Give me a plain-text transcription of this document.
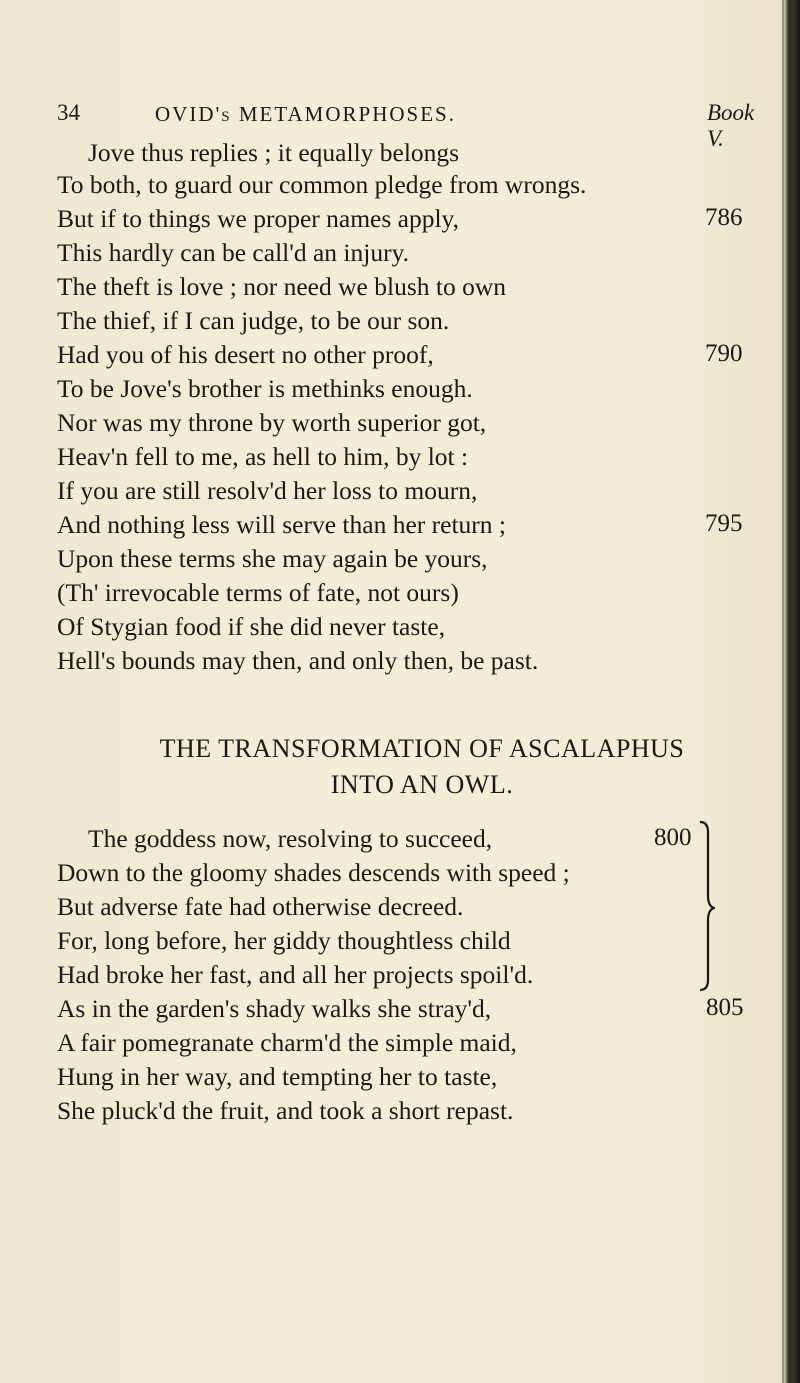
34	OVID's METAMORPHOSES.	Book V.
Jove thus replies ; it equally belongs
To both, to guard our common pledge from wrongs.
But if to things we proper names apply,
This hardly can be call'd an injury.
The theft is love ; nor need we blush to own
The thief, if I can judge, to be our son.
Had you of his desert no other proof,
To be Jove's brother is methinks enough.
Nor was my throne by worth superior got,
Heav'n fell to me, as hell to him, by lot :
If you are still resolv'd her loss to mourn,
And nothing less will serve than her return ;
Upon these terms she may again be yours,
(Th' irrevocable terms of fate, not ours)
Of Stygian food if she did never taste,
Hell's bounds may then, and only then, be past.
786
790
795
THE TRANSFORMATION OF ASCALAPHUS
INTO AN OWL.
The goddess now, resolving to succeed,
Down to the gloomy shades descends with speed ;
But adverse fate had otherwise decreed.
For, long before, her giddy thoughtless child
Had broke her fast, and all her projects spoil'd.
As in the garden's shady walks she stray'd,
A fair pomegranate charm'd the simple maid,
Hung in her way, and tempting her to taste,
She pluck'd the fruit, and took a short repast.
800
805
